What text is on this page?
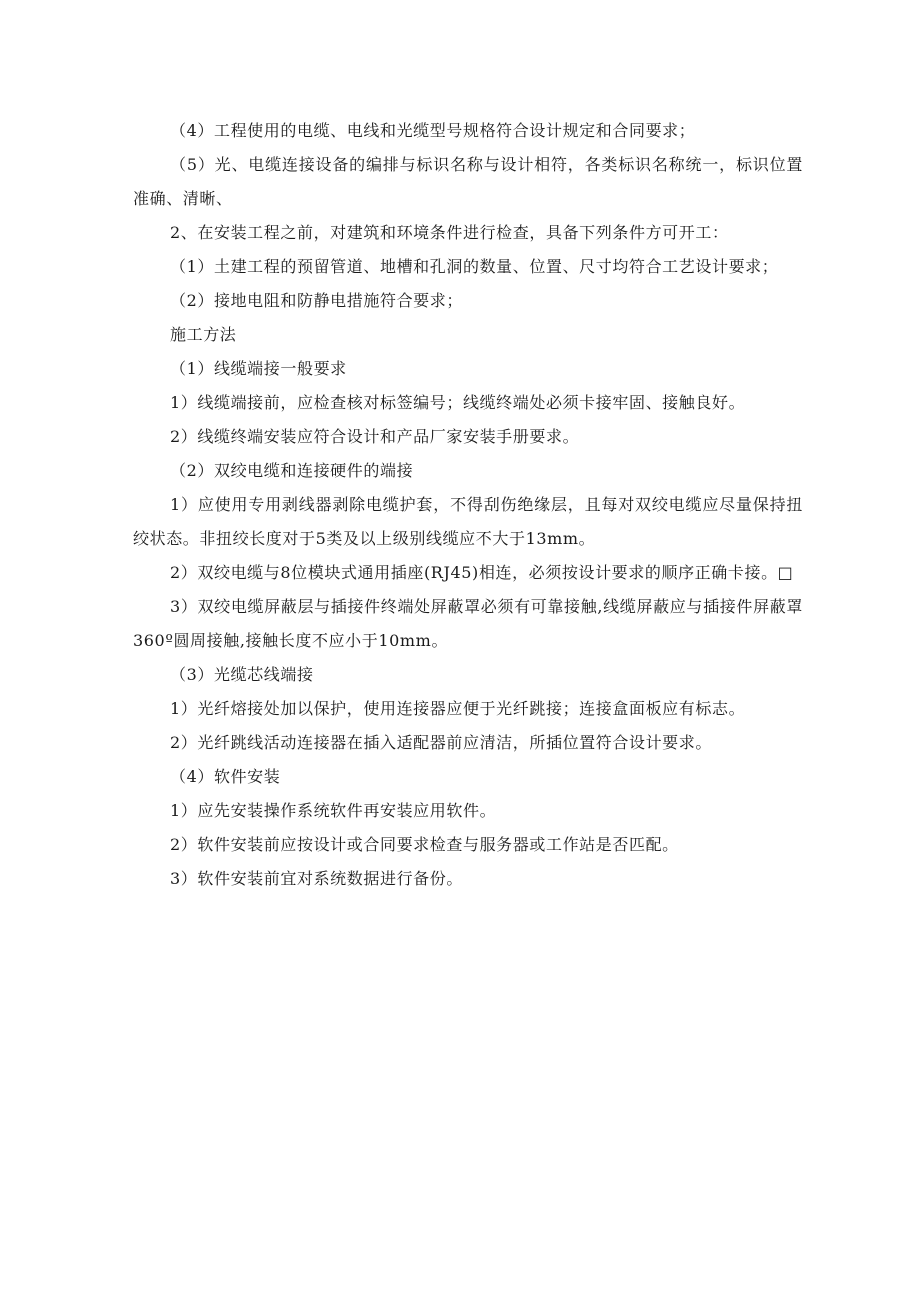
（4）工程使用的电缆、电线和光缆型号规格符合设计规定和合同要求；

（5）光、电缆连接设备的编排与标识名称与设计相符，各类标识名称统一，标识位置准确、清晰、

2、在安装工程之前，对建筑和环境条件进行检查，具备下列条件方可开工：

（1）土建工程的预留管道、地槽和孔洞的数量、位置、尺寸均符合工艺设计要求；

（2）接地电阻和防静电措施符合要求；

施工方法

（1）线缆端接一般要求

1）线缆端接前，应检查核对标签编号；线缆终端处必须卡接牢固、接触良好。

2）线缆终端安装应符合设计和产品厂家安装手册要求。

（2）双绞电缆和连接硬件的端接

1）应使用专用剥线器剥除电缆护套，不得刮伤绝缘层，且每对双绞电缆应尽量保持扭绞状态。非扭绞长度对于5类及以上级别线缆应不大于13mm。

2）双绞电缆与8位模块式通用插座(RJ45)相连，必须按设计要求的顺序正确卡接。□

3）双绞电缆屏蔽层与插接件终端处屏蔽罩必须有可靠接触,线缆屏蔽应与插接件屏蔽罩360º圆周接触,接触长度不应小于10mm。

（3）光缆芯线端接

1）光纤熔接处加以保护，使用连接器应便于光纤跳接；连接盒面板应有标志。

2）光纤跳线活动连接器在插入适配器前应清洁，所插位置符合设计要求。

（4）软件安装

1）应先安装操作系统软件再安装应用软件。

2）软件安装前应按设计或合同要求检查与服务器或工作站是否匹配。

3）软件安装前宜对系统数据进行备份。
